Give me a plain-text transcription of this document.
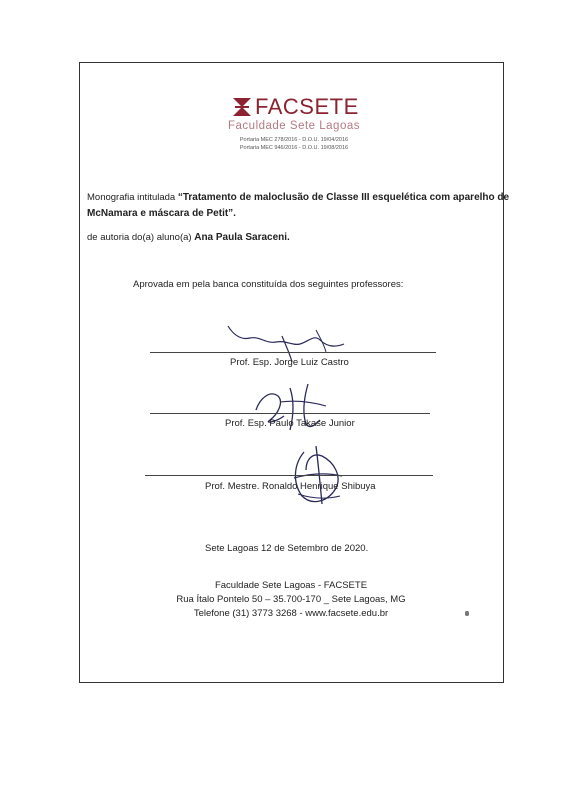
FACSETE
Faculdade Sete Lagoas
Portaria MEC 278/2016 - D.O.U. 19/04/2016
Portaria MEC 946/2016 - D.O.U. 19/08/2016
Monografia intitulada “Tratamento de maloclusão de Classe III esquelética com aparelho de
McNamara e máscara de Petit”.
de autoria do(a) aluno(a) Ana Paula Saraceni.
Aprovada em pela banca constituída dos seguintes professores:
Prof. Esp. Jorge Luiz Castro
Prof. Esp. Paulo Takase Junior
Prof. Mestre. Ronaldo Henrique Shibuya
Sete Lagoas 12 de Setembro de 2020.
Faculdade Sete Lagoas - FACSETE
Rua Ítalo Pontelo 50 – 35.700-170 _ Sete Lagoas, MG
Telefone (31) 3773 3268 - www.facsete.edu.br
